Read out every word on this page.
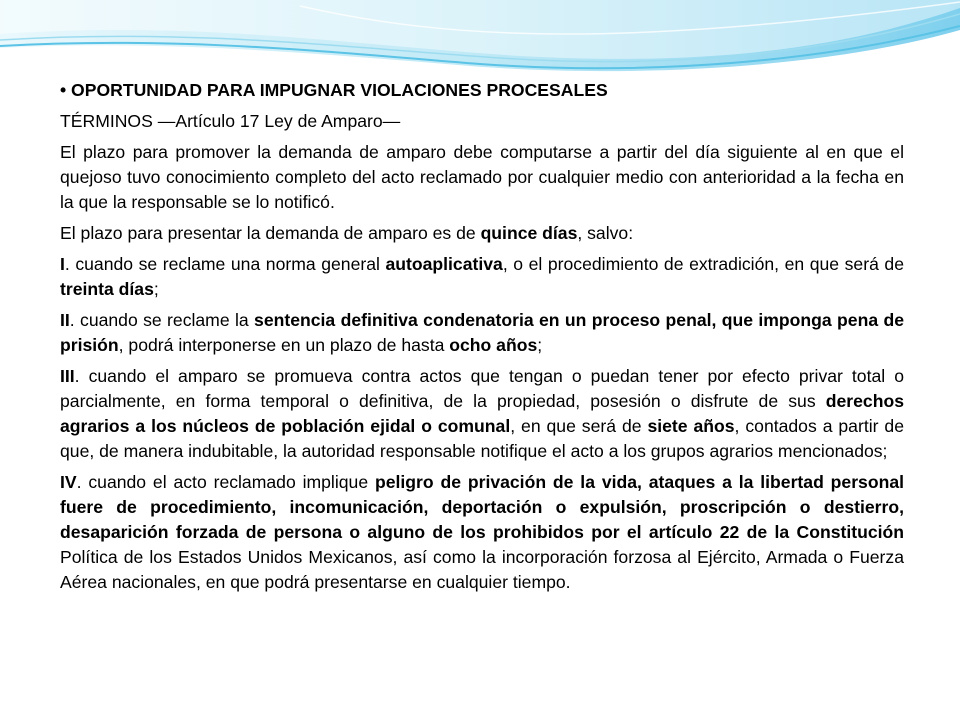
• OPORTUNIDAD PARA IMPUGNAR VIOLACIONES PROCESALES
TÉRMINOS —Artículo 17 Ley de Amparo—
El plazo para promover la demanda de amparo debe computarse a partir del día siguiente al en que el quejoso tuvo conocimiento completo del acto reclamado por cualquier medio con anterioridad a la fecha en la que la responsable se lo notificó.
El plazo para presentar la demanda de amparo es de quince días, salvo:
I. cuando se reclame una norma general autoaplicativa, o el procedimiento de extradición, en que será de treinta días;
II. cuando se reclame la sentencia definitiva condenatoria en un proceso penal, que imponga pena de prisión, podrá interponerse en un plazo de hasta ocho años;
III. cuando el amparo se promueva contra actos que tengan o puedan tener por efecto privar total o parcialmente, en forma temporal o definitiva, de la propiedad, posesión o disfrute de sus derechos agrarios a los núcleos de población ejidal o comunal, en que será de siete años, contados a partir de que, de manera indubitable, la autoridad responsable notifique el acto a los grupos agrarios mencionados;
IV. cuando el acto reclamado implique peligro de privación de la vida, ataques a la libertad personal fuere de procedimiento, incomunicación, deportación o expulsión, proscripción o destierro, desaparición forzada de persona o alguno de los prohibidos por el artículo 22 de la Constitución Política de los Estados Unidos Mexicanos, así como la incorporación forzosa al Ejército, Armada o Fuerza Aérea nacionales, en que podrá presentarse en cualquier tiempo.
